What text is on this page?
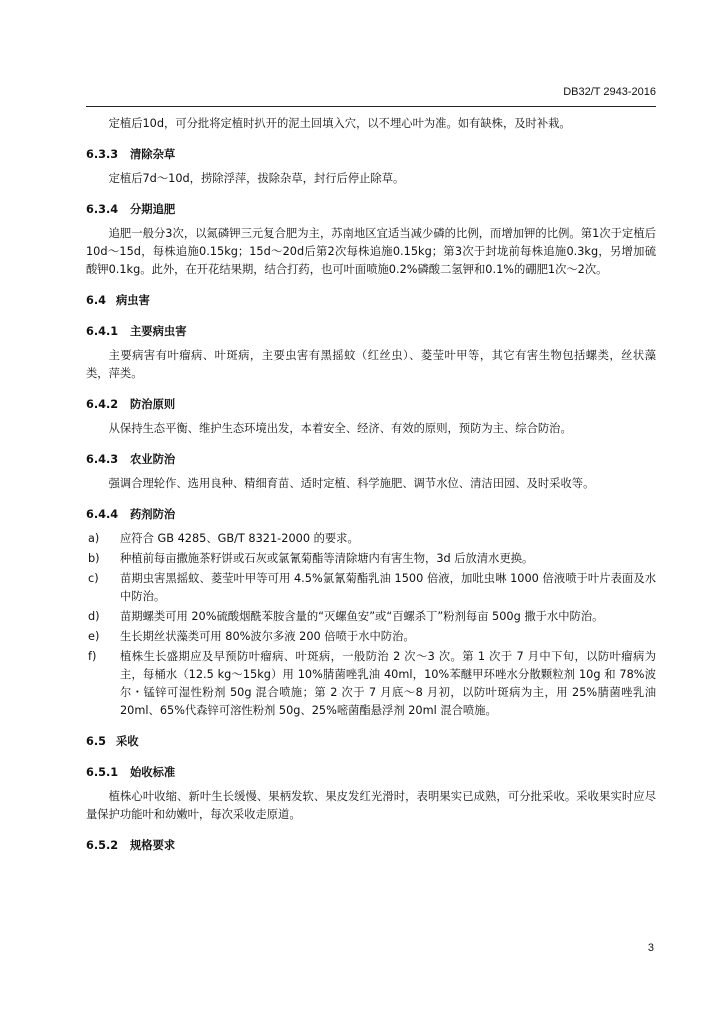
DB32/T 2943-2016

定植后10d，可分批将定植时扒开的泥土回填入穴，以不埋心叶为准。如有缺株，及时补栽。

6.3.3 清除杂草

定植后7d～10d，捞除浮萍，拔除杂草，封行后停止除草。

6.3.4 分期追肥

追肥一般分3次，以氮磷钾三元复合肥为主，苏南地区宜适当减少磷的比例，而增加钾的比例。第1次于定植后10d～15d，每株追施0.15kg；15d～20d后第2次每株追施0.15kg；第3次于封垅前每株追施0.3kg，另增加硫酸钾0.1kg。此外，在开花结果期，结合打药，也可叶面喷施0.2%磷酸二氢钾和0.1%的硼肥1次～2次。

6.4 病虫害
6.4.1 主要病虫害

主要病害有叶瘤病、叶斑病，主要虫害有黑摇蚊（红丝虫）、菱莹叶甲等，其它有害生物包括螺类，丝状藻类，萍类。

6.4.2 防治原则

从保持生态平衡、维护生态环境出发，本着安全、经济、有效的原则，预防为主、综合防治。

6.4.3 农业防治

强调合理轮作、选用良种、精细育苗、适时定植、科学施肥、调节水位、清洁田园、及时采收等。

6.4.4 药剂防治
a) 应符合 GB 4285、GB/T 8321-2000 的要求。
b) 种植前每亩撒施茶籽饼或石灰或氯氰菊酯等清除塘内有害生物，3d 后放清水更换。
c) 苗期虫害黑摇蚊、菱莹叶甲等可用 4.5%氯氰菊酯乳油 1500 倍液，加吡虫啉 1000 倍液喷于叶片表面及水中防治。
d) 苗期螺类可用 20%硫酸烟酰苯胺含量的“灭螺鱼安”或“百螺杀丁”粉剂每亩 500g 撒于水中防治。
e) 生长期丝状藻类可用 80%波尔多液 200 倍喷于水中防治。
f) 植株生长盛期应及早预防叶瘤病、叶斑病，一般防治 2 次～3 次。第 1 次于 7 月中下旬，以防叶瘤病为主，每桶水（12.5 kg～15kg）用 10%腈菌唑乳油 40ml，10%苯醚甲环唑水分散颗粒剂 10g 和 78%波尔・锰锌可湿性粉剂 50g 混合喷施；第 2 次于 7 月底～8 月初，以防叶斑病为主，用 25%腈菌唑乳油 20ml、65%代森锌可溶性粉剂 50g、25%嘧菌酯悬浮剂 20ml 混合喷施。
6.5 采收
6.5.1 始收标准

植株心叶收缩、新叶生长缓慢、果柄发软、果皮发红光滑时，表明果实已成熟，可分批采收。采收果实时应尽量保护功能叶和幼嫩叶，每次采收走原道。

6.5.2 规格要求
3
